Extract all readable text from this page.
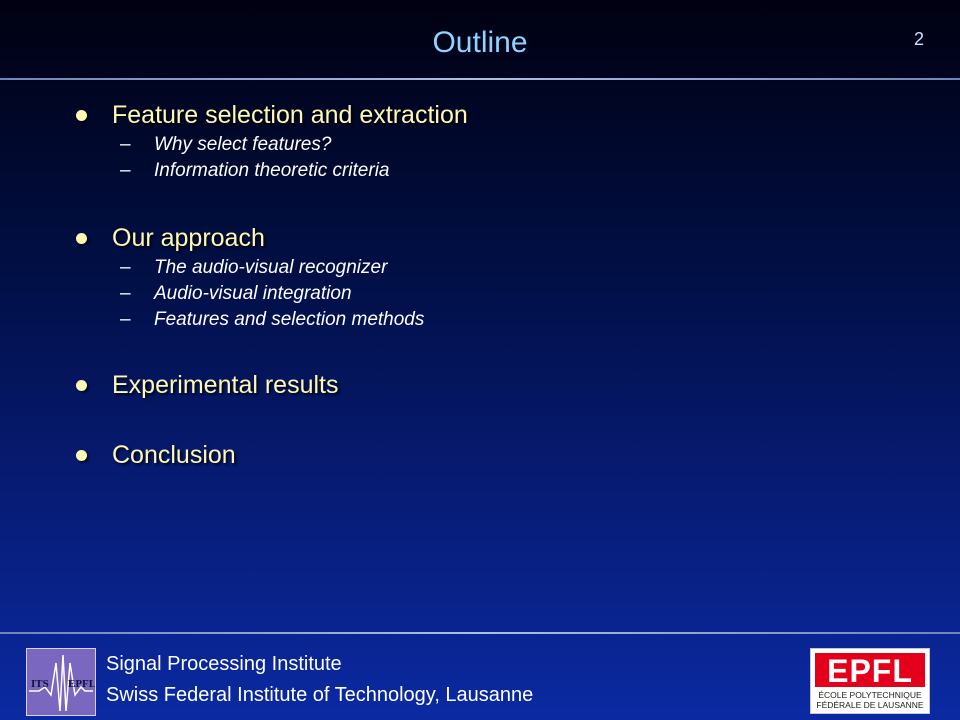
Outline	2
Feature selection and extraction
–	Why select features?
–	Information theoretic criteria
Our approach
–	The audio-visual recognizer
–	Audio-visual integration
–	Features and selection methods
Experimental results
Conclusion
ITS EPFL
Signal Processing Institute
Swiss Federal Institute of Technology, Lausanne
EPFL
ÉCOLE POLYTECHNIQUE
FÉDÉRALE DE LAUSANNE
